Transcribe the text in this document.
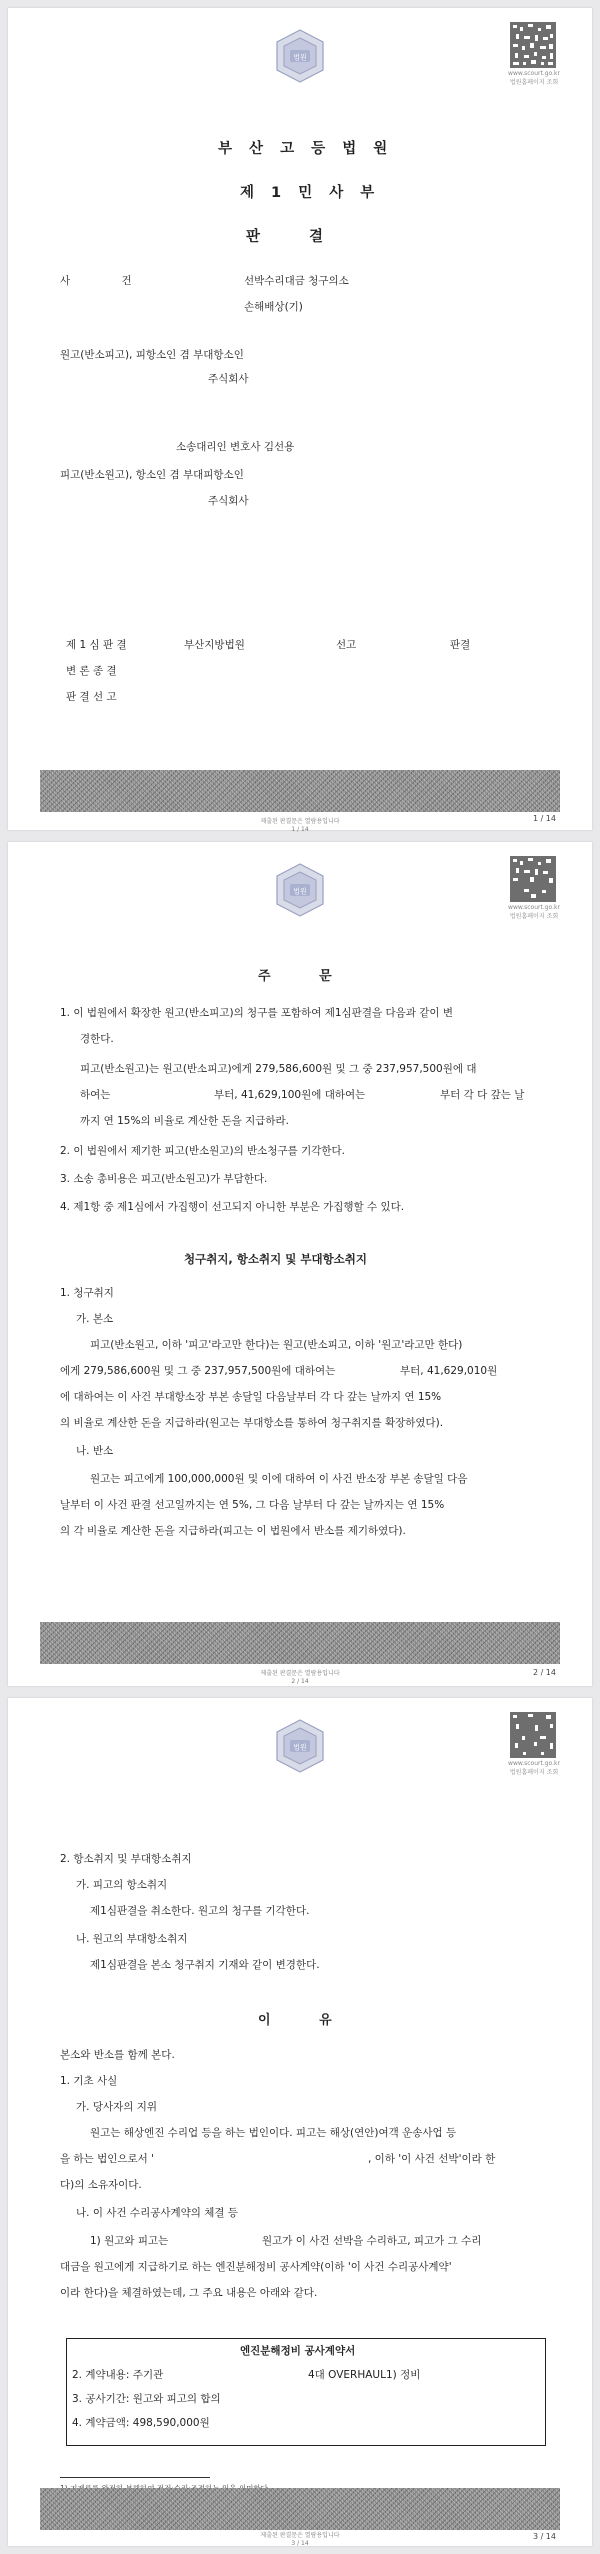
법원
www.scourt.go.kr
법원홈페이지 조회
부 산 고 등 법 원
제 1 민 사 부
판 결
사 건	선박수리대금 청구의소
손해배상(기)
원고(반소피고), 피항소인 겸 부대항소인
주식회사
소송대리인 변호사 김선용
피고(반소원고), 항소인 겸 부대피항소인
주식회사
제 1 심 판 결	부산지방법원	선고	판결
변 론 종 결
판 결 선 고
1 / 14
제출된 판결문은 열람용입니다
1 / 14
법원
www.scourt.go.kr
법원홈페이지 조회
주 문
1. 이 법원에서 확장한 원고(반소피고)의 청구를 포함하여 제1심판결을 다음과 같이 변
경한다.
피고(반소원고)는 원고(반소피고)에게 279,586,600원 및 그 중 237,957,500원에 대
하여는	부터, 41,629,100원에 대하여는	부터 각 다 갚는 날
까지 연 15%의 비율로 계산한 돈을 지급하라.
2. 이 법원에서 제기한 피고(반소원고)의 반소청구를 기각한다.
3. 소송 총비용은 피고(반소원고)가 부담한다.
4. 제1항 중 제1심에서 가집행이 선고되지 아니한 부분은 가집행할 수 있다.
청구취지, 항소취지 및 부대항소취지
1. 청구취지
가. 본소
피고(반소원고, 이하 '피고'라고만 한다)는 원고(반소피고, 이하 '원고'라고만 한다)
에게 279,586,600원 및 그 중 237,957,500원에 대하여는	부터, 41,629,010원
에 대하여는 이 사건 부대항소장 부본 송달일 다음날부터 각 다 갚는 날까지 연 15%
의 비율로 계산한 돈을 지급하라(원고는 부대항소를 통하여 청구취지를 확장하였다).
나. 반소
원고는 피고에게 100,000,000원 및 이에 대하여 이 사건 반소장 부본 송달일 다음
날부터 이 사건 판결 선고일까지는 연 5%, 그 다음 날부터 다 갚는 날까지는 연 15%
의 각 비율로 계산한 돈을 지급하라(피고는 이 법원에서 반소를 제기하였다).
2 / 14
제출된 판결문은 열람용입니다
2 / 14
법원
www.scourt.go.kr
법원홈페이지 조회
2. 항소취지 및 부대항소취지
가. 피고의 항소취지
제1심판결을 취소한다. 원고의 청구를 기각한다.
나. 원고의 부대항소취지
제1심판결을 본소 청구취지 기재와 같이 변경한다.
이 유
본소와 반소를 함께 본다.
1. 기초 사실
가. 당사자의 지위
원고는 해상엔진 수리업 등을 하는 법인이다. 피고는 해상(연안)여객 운송사업 등
을 하는 법인으로서 '	, 이하 '이 사건 선박'이라 한
다)의 소유자이다.
나. 이 사건 수리공사계약의 체결 등
1) 원고와 피고는	원고가 이 사건 선박을 수리하고, 피고가 그 수리
대금을 원고에게 지급하기로 하는 엔진분해정비 공사계약(이하 '이 사건 수리공사계약'
이라 한다)을 체결하였는데, 그 주요 내용은 아래와 같다.
엔진분해정비 공사계약서
2. 계약내용: 주기관	4대 OVERHAUL1) 정비
3. 공사기간: 원고와 피고의 합의
4. 계약금액: 498,590,000원
3 / 14
제출된 판결문은 열람용입니다
3 / 14
